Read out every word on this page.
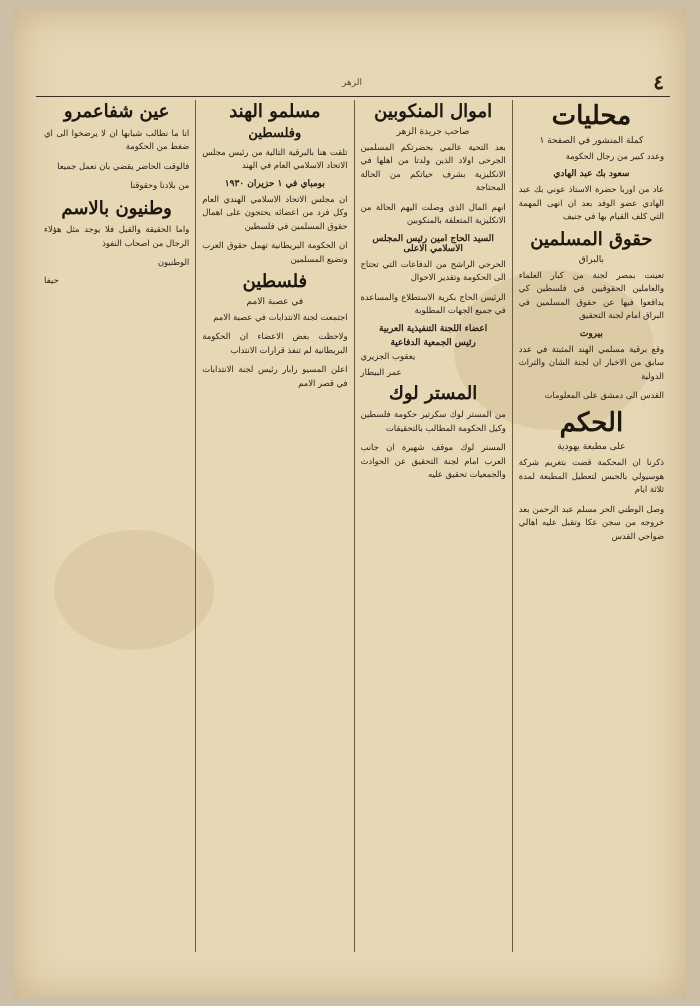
٤
الزهر
محليات
كملة المنشور في الصفحة ١

وعدد كبير من رجال الحكومة

سعود بك عبد الهادي

عاد من اوربا حضرة الاستاذ عوني بك عبد الهادي عضو الوفد بعد ان انهى المهمة التي كلف القيام بها في جنيف

حقوق المسلمين
بالبراق

تعينت بمصر لجنة من كبار العلماء والعاملين الحقوقيين في فلسطين كي يدافعوا فيها عن حقوق المسلمين في البراق امام لجنة التحقيق

بيروت

وقع برقية مسلمي الهند المثبتة في عدد سابق من الاخبار ان لجنة الشان والتراث الدولية

القدس الى دمشق على المعلومات

الحكم
على مطبعة يهودية

ذكرنا ان المحكمة قضت بتغريم شركة هوسيولي بالحبس لتعطيل المطبعة لمدة ثلاثة ايام

وصل الوطني الحر مسلم عبد الرحمن بعد خروجه من سجن عكا وتقبل عليه اهالي ضواحي القدس

اموال المنكوبين
صاحب جريدة الزهر

بعد التحية عالمي بحضرتكم المسلمين الجرحى اولاد الذين ولدتا من اهلها في الانكليزية بشرف حياتكم من الحالة المحتاجة

انهم المال الذي وصلت اليهم الحالة من الانكليزية المتعلقة بالمنكوبين

السيد الحاج امين رئيس المجلس الاسلامي الاعلى

الحرجي الراشح من الدفاعات التي تحتاج الى الحكومة وتقدير الاحوال

الرئيس الحاج بكرية الاستطلاع والمساعدة في جميع الجهات المطلوبة

اعضاء اللجنة التنفيذية العربية
رئيس الجمعية الدفاعية
يعقوب الجزيري
عمر البيطار
المستر لوك

من المستر لوك سكرتير حكومة فلسطين وكيل الحكومة المطالب بالتحقيقات

المستر لوك موقف شهيرة ان جانب العرب امام لجنة التحقيق عن الحوادث والجمعيات تحقيق عليه

مسلمو الهند
وفلسطين

تلقت هنا بالبرقية التالية من رئيس مجلس الاتحاد الاسلامي العام في الهند

بومباي في ١ حزيران ١٩٣٠

ان مجلس الاتحاد الاسلامي الهندي العام وكل فرد من اعضائه يحتجون على اهمال حقوق المسلمين في فلسطين

ان الحكومة البريطانية تهمل حقوق العرب وتضيع المسلمين

فلسطين
في عصبة الامم

اجتمعت لجنة الانتدابات في عصبة الامم

ولاحظت بعض الاعضاء ان الحكومة البريطانية لم تنفذ قرارات الانتداب

اعلن المسيو رابار رئيس لجنة الانتدابات في قصر الامم

عين شفاعمرو

انا ما نطالب شبابها ان لا يرضخوا الى اي ضغط من الحكومة

فالوقت الحاضر يقضي بان نعمل جميعا

من بلادنا وحقوقنا

وطنيون بالاسم

واما الحقيقة والقيل فلا يوجد مثل هؤلاء الرجال من اصحاب النفوذ

الوطنيون

حيفا
